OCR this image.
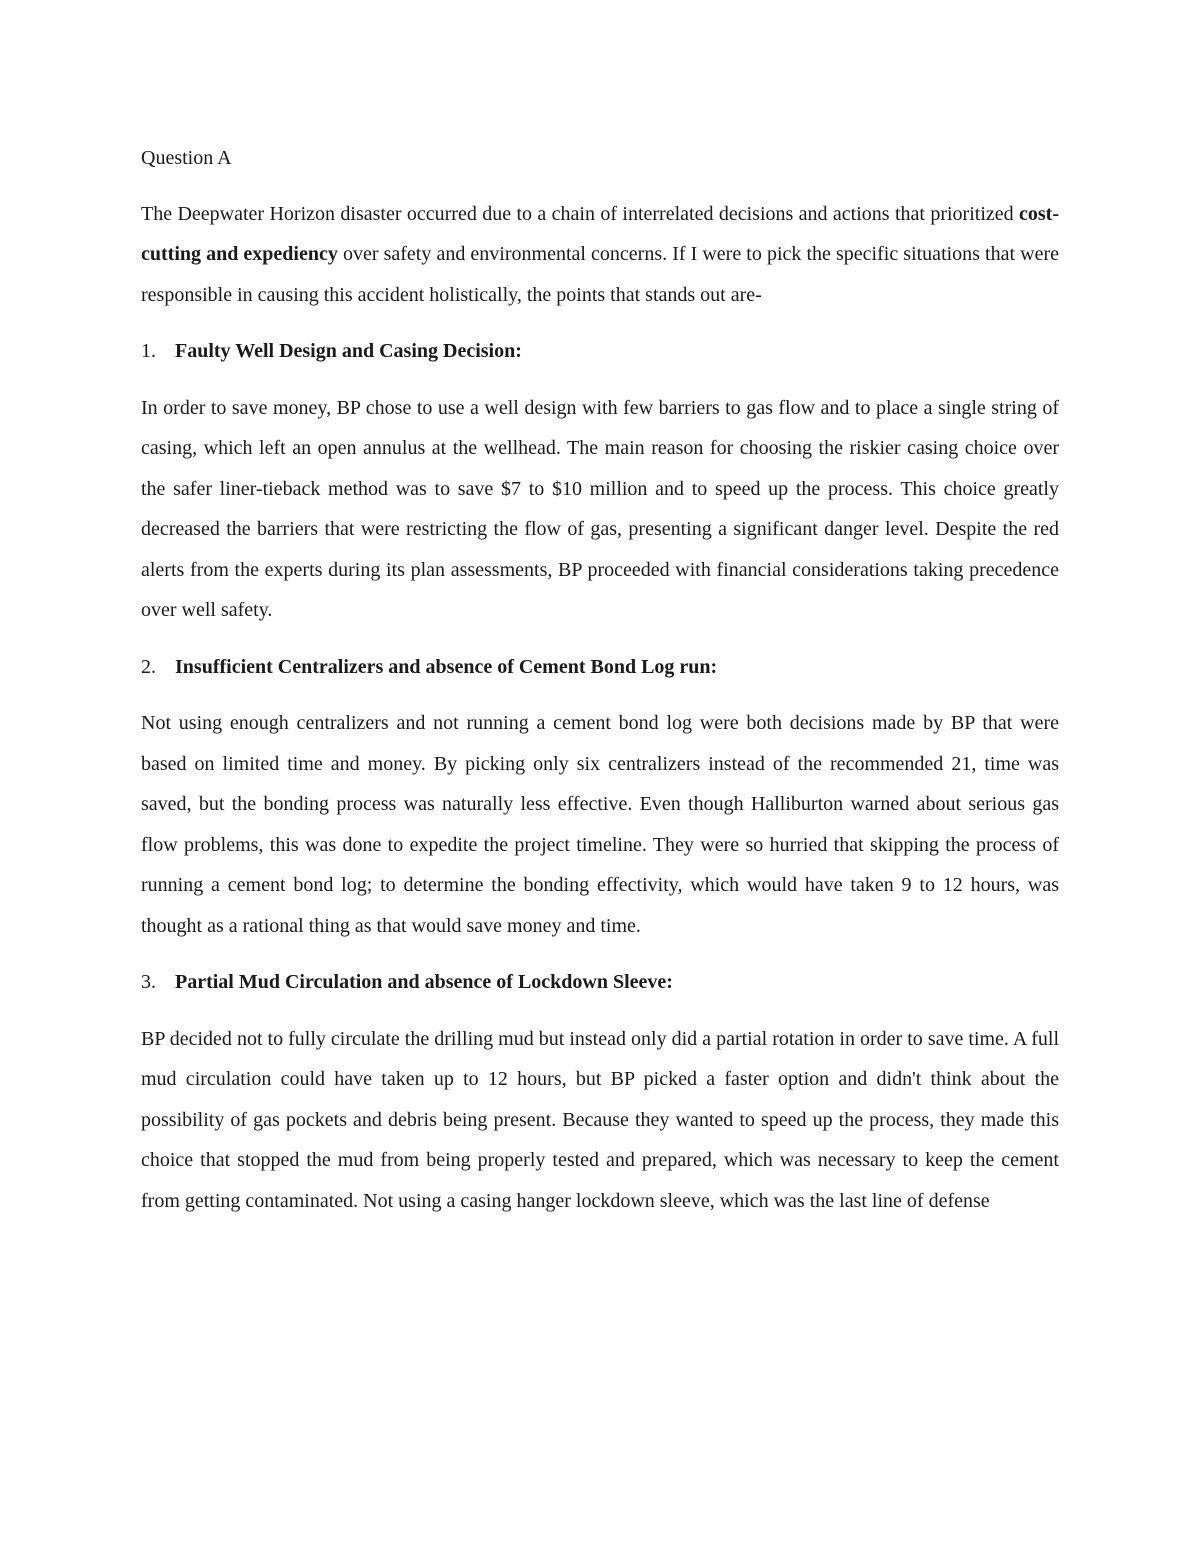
Question A

The Deepwater Horizon disaster occurred due to a chain of interrelated decisions and actions that prioritized cost-cutting and expediency over safety and environmental concerns. If I were to pick the specific situations that were responsible in causing this accident holistically, the points that stands out are-

1. Faulty Well Design and Casing Decision:

In order to save money, BP chose to use a well design with few barriers to gas flow and to place a single string of casing, which left an open annulus at the wellhead. The main reason for choosing the riskier casing choice over the safer liner-tieback method was to save $7 to $10 million and to speed up the process. This choice greatly decreased the barriers that were restricting the flow of gas, presenting a significant danger level. Despite the red alerts from the experts during its plan assessments, BP proceeded with financial considerations taking precedence over well safety.

2. Insufficient Centralizers and absence of Cement Bond Log run:

Not using enough centralizers and not running a cement bond log were both decisions made by BP that were based on limited time and money. By picking only six centralizers instead of the recommended 21, time was saved, but the bonding process was naturally less effective. Even though Halliburton warned about serious gas flow problems, this was done to expedite the project timeline. They were so hurried that skipping the process of running a cement bond log; to determine the bonding effectivity, which would have taken 9 to 12 hours, was thought as a rational thing as that would save money and time.

3. Partial Mud Circulation and absence of Lockdown Sleeve:

BP decided not to fully circulate the drilling mud but instead only did a partial rotation in order to save time. A full mud circulation could have taken up to 12 hours, but BP picked a faster option and didn't think about the possibility of gas pockets and debris being present. Because they wanted to speed up the process, they made this choice that stopped the mud from being properly tested and prepared, which was necessary to keep the cement from getting contaminated. Not using a casing hanger lockdown sleeve, which was the last line of defense
